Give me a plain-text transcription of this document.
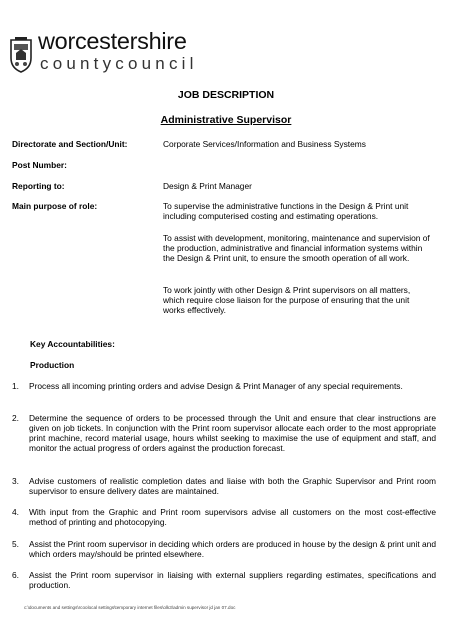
worcestershire
countycouncil
JOB DESCRIPTION
Administrative Supervisor
Directorate and Section/Unit:	Corporate Services/Information and Business Systems
Post Number:
Reporting to:	Design & Print Manager
Main purpose of role:	To supervise the administrative functions in the Design & Print unit including computerised costing and estimating operations.
To assist with development, monitoring, maintenance and supervision of the production, administrative and financial information systems within the Design & Print unit, to ensure the smooth operation of all work.
To work jointly with other Design & Print supervisors on all matters, which require close liaison for the purpose of ensuring that the unit works effectively.
Key Accountabilities:
Production
1. Process all incoming printing orders and advise Design & Print Manager of any special requirements.
2. Determine the sequence of orders to be processed through the Unit and ensure that clear instructions are given on job tickets. In conjunction with the Print room supervisor allocate each order to the most appropriate print machine, record material usage, hours whilst seeking to maximise the use of equipment and staff, and monitor the actual progress of orders against the production forecast.
3. Advise customers of realistic completion dates and liaise with both the Graphic Supervisor and Print room supervisor to ensure delivery dates are maintained.
4. With input from the Graphic and Print room supervisors advise all customers on the most cost-effective method of printing and photocopying.
5. Assist the Print room supervisor in deciding which orders are produced in house by the design & print unit and which orders may/should be printed elsewhere.
6. Assist the Print room supervisor in liaising with external suppliers regarding estimates, specifications and production.
c:\documents and settings\rcoolocal settings\temporary internet files\olk3\admin supervisor jd jan 07.doc
